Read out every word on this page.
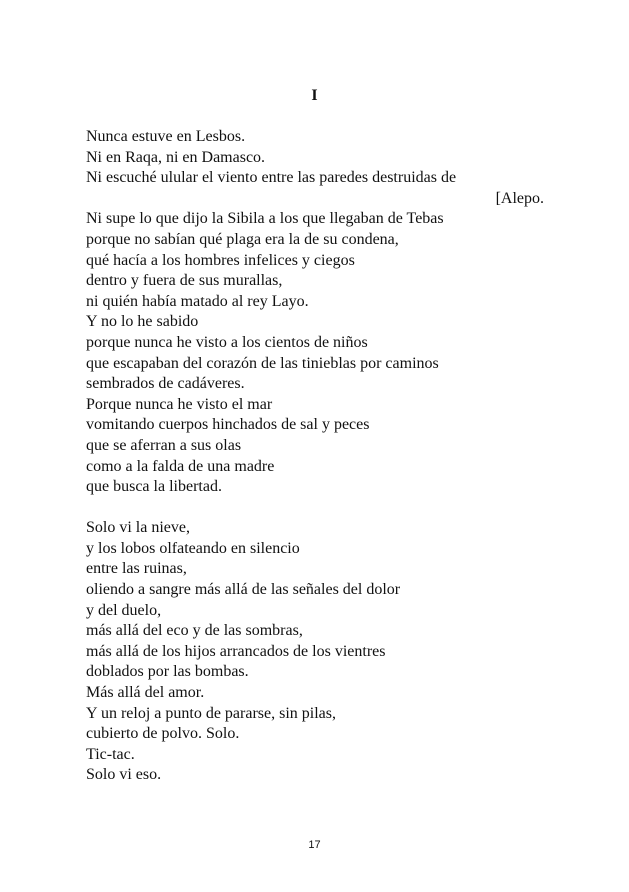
I
Nunca estuve en Lesbos.
Ni en Raqa, ni en Damasco.
Ni escuché ulular el viento entre las paredes destruidas de
[Alepo.
Ni supe lo que dijo la Sibila a los que llegaban de Tebas
porque no sabían qué plaga era la de su condena,
qué hacía a los hombres infelices y ciegos
dentro y fuera de sus murallas,
ni quién había matado al rey Layo.
Y no lo he sabido
porque nunca he visto a los cientos de niños
que escapaban del corazón de las tinieblas por caminos
sembrados de cadáveres.
Porque nunca he visto el mar
vomitando cuerpos hinchados de sal y peces
que se aferran a sus olas
como a la falda de una madre
que busca la libertad.
Solo vi la nieve,
y los lobos olfateando en silencio
entre las ruinas,
oliendo a sangre más allá de las señales del dolor
y del duelo,
más allá del eco y de las sombras,
más allá de los hijos arrancados de los vientres
doblados por las bombas.
Más allá del amor.
Y un reloj a punto de pararse, sin pilas,
cubierto de polvo. Solo.
Tic-tac.
Solo vi eso.
17
